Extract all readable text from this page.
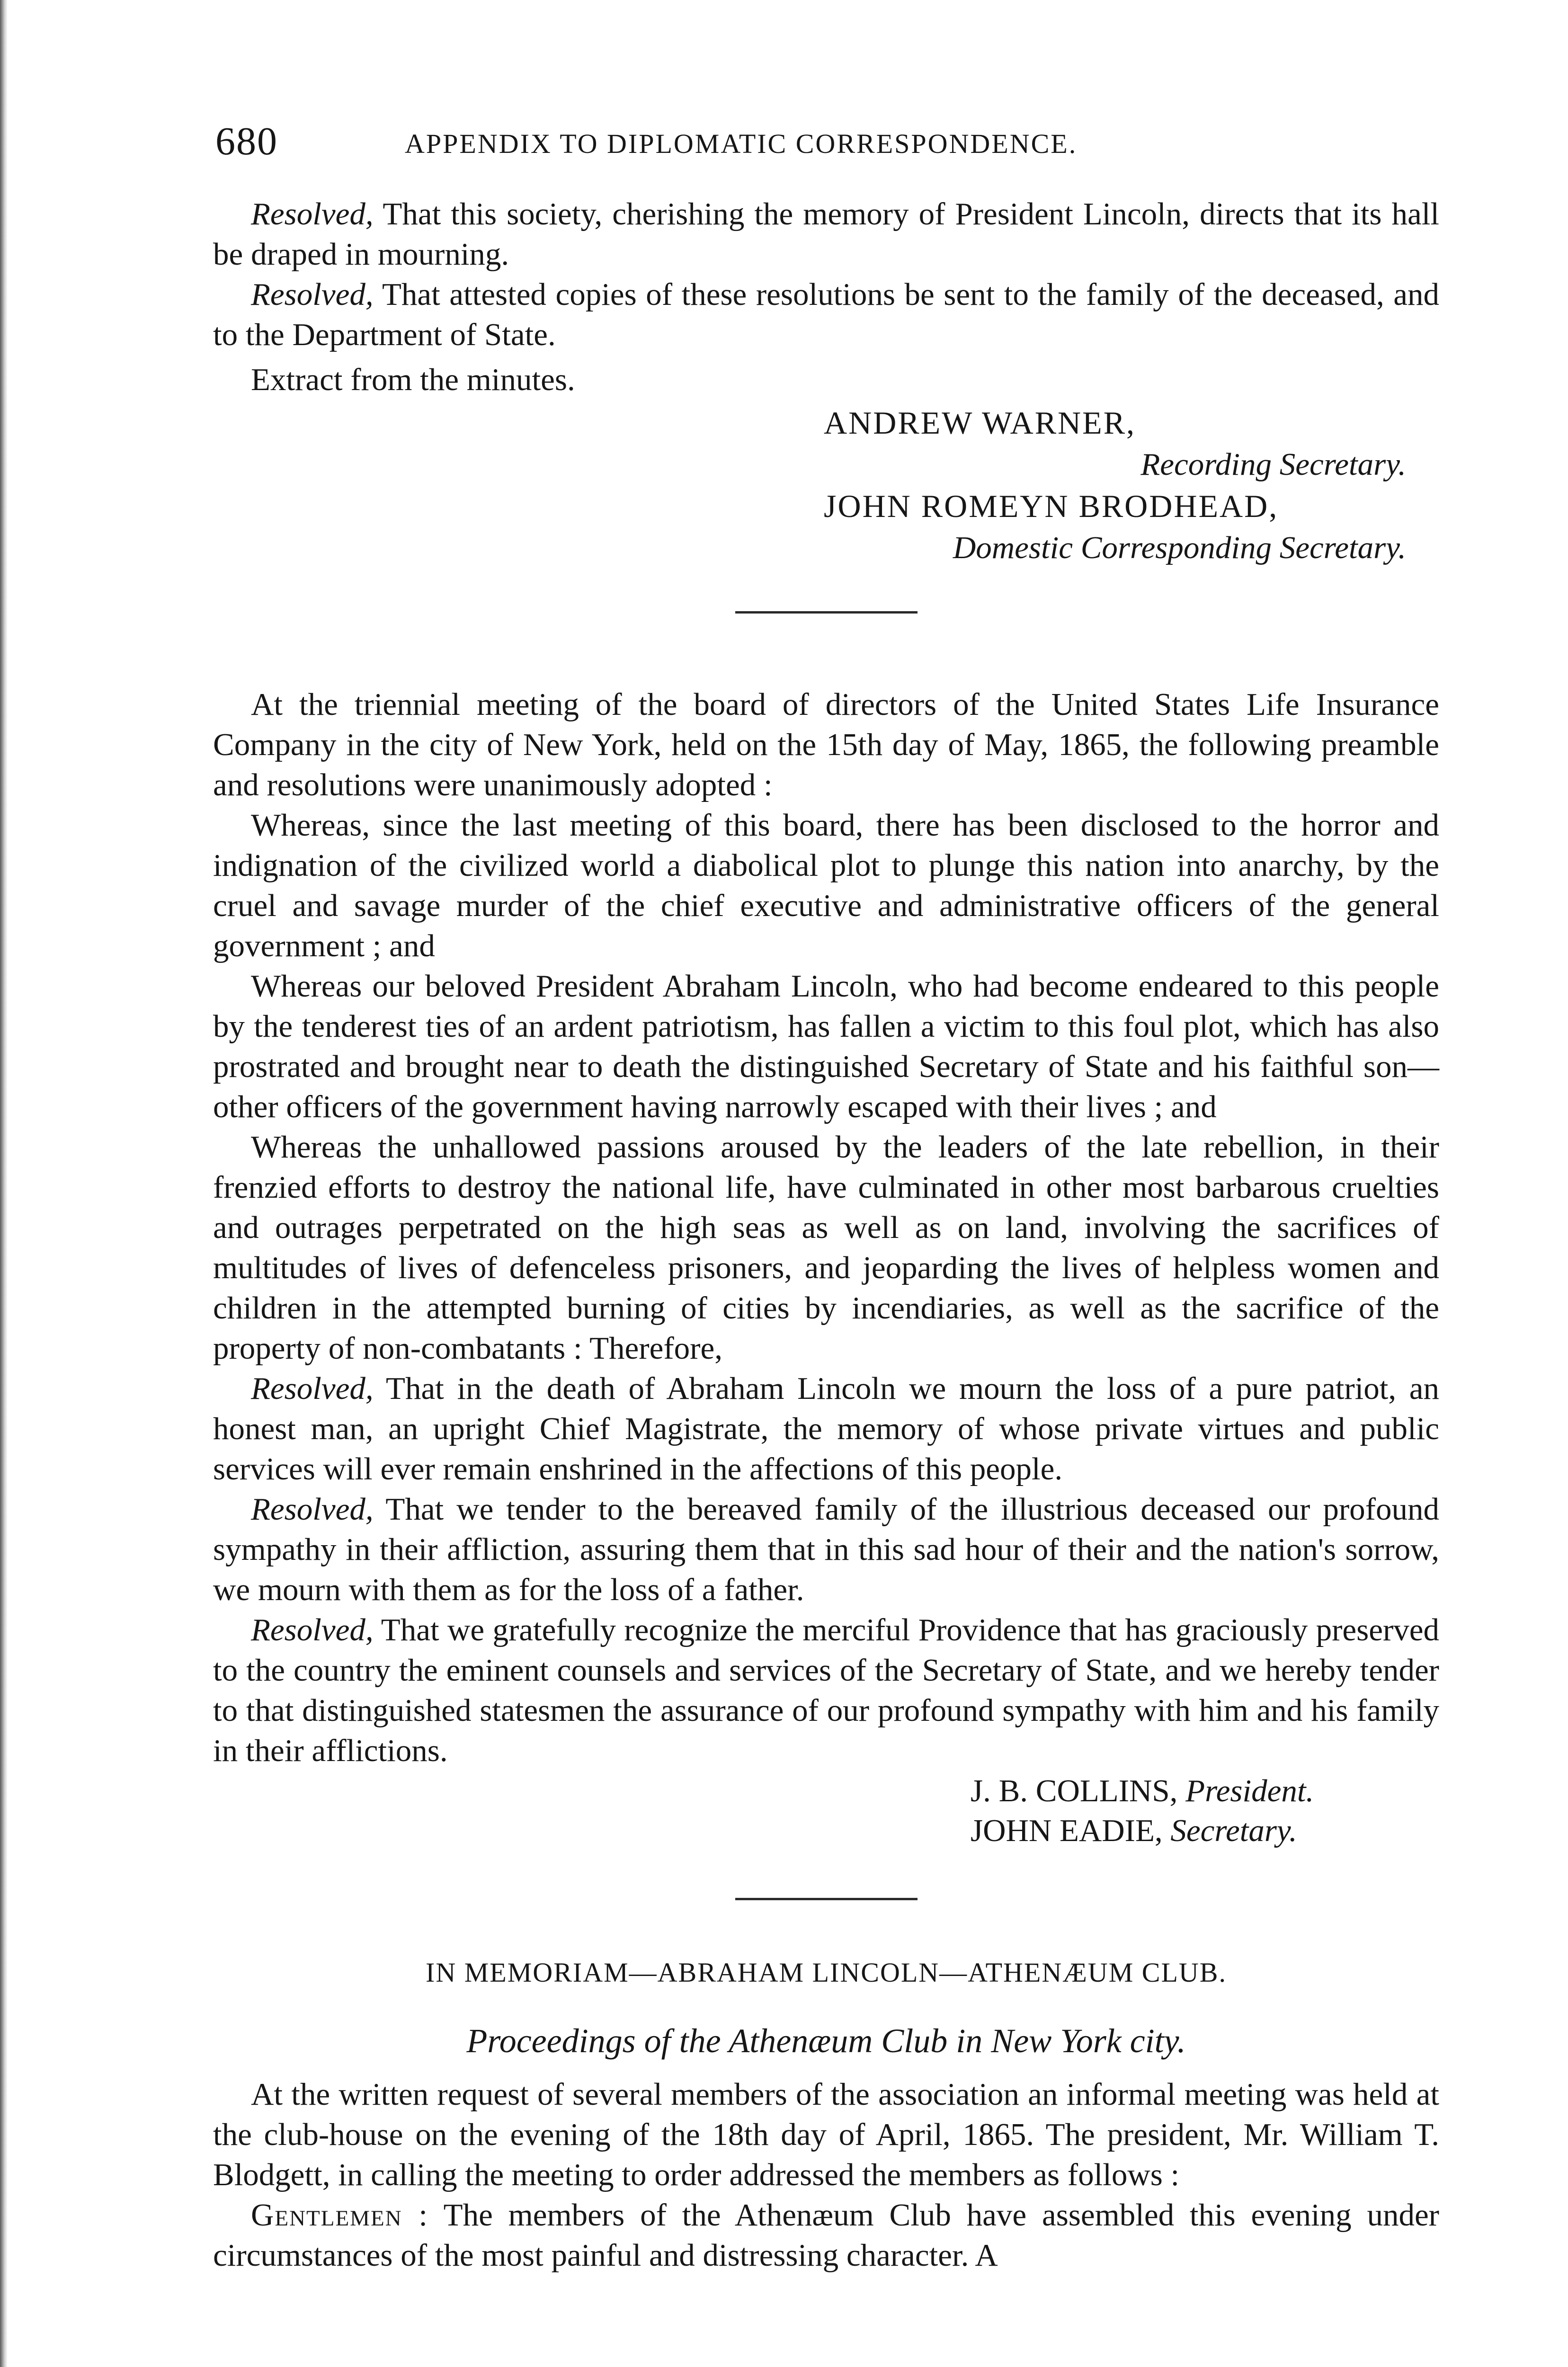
680	APPENDIX TO DIPLOMATIC CORRESPONDENCE.

Resolved, That this society, cherishing the memory of President Lincoln, directs that its hall be draped in mourning.

Resolved, That attested copies of these resolutions be sent to the family of the deceased, and to the Department of State.

Extract from the minutes.

ANDREW WARNER,
Recording Secretary.
JOHN ROMEYN BRODHEAD,
Domestic Corresponding Secretary.

At the triennial meeting of the board of directors of the United States Life Insurance Company in the city of New York, held on the 15th day of May, 1865, the following preamble and resolutions were unanimously adopted :

Whereas, since the last meeting of this board, there has been disclosed to the horror and indignation of the civilized world a diabolical plot to plunge this nation into anarchy, by the cruel and savage murder of the chief executive and administrative officers of the general government ; and

Whereas our beloved President Abraham Lincoln, who had become endeared to this people by the tenderest ties of an ardent patriotism, has fallen a victim to this foul plot, which has also prostrated and brought near to death the distinguished Secretary of State and his faithful son—other officers of the government having narrowly escaped with their lives ; and

Whereas the unhallowed passions aroused by the leaders of the late rebellion, in their frenzied efforts to destroy the national life, have culminated in other most barbarous cruelties and outrages perpetrated on the high seas as well as on land, involving the sacrifices of multitudes of lives of defenceless prisoners, and jeoparding the lives of helpless women and children in the attempted burning of cities by incendiaries, as well as the sacrifice of the property of non-combatants : Therefore,

Resolved, That in the death of Abraham Lincoln we mourn the loss of a pure patriot, an honest man, an upright Chief Magistrate, the memory of whose private virtues and public services will ever remain enshrined in the affections of this people.

Resolved, That we tender to the bereaved family of the illustrious deceased our profound sympathy in their affliction, assuring them that in this sad hour of their and the nation's sorrow, we mourn with them as for the loss of a father.

Resolved, That we gratefully recognize the merciful Providence that has graciously preserved to the country the eminent counsels and services of the Secretary of State, and we hereby tender to that distinguished statesmen the assurance of our profound sympathy with him and his family in their afflictions.

J. B. COLLINS, President.
JOHN EADIE, Secretary.
IN MEMORIAM—ABRAHAM LINCOLN—ATHENÆUM CLUB.
Proceedings of the Athenæum Club in New York city.

At the written request of several members of the association an informal meeting was held at the club-house on the evening of the 18th day of April, 1865. The president, Mr. William T. Blodgett, in calling the meeting to order addressed the members as follows :

Gentlemen : The members of the Athenæum Club have assembled this evening under circumstances of the most painful and distressing character. A
